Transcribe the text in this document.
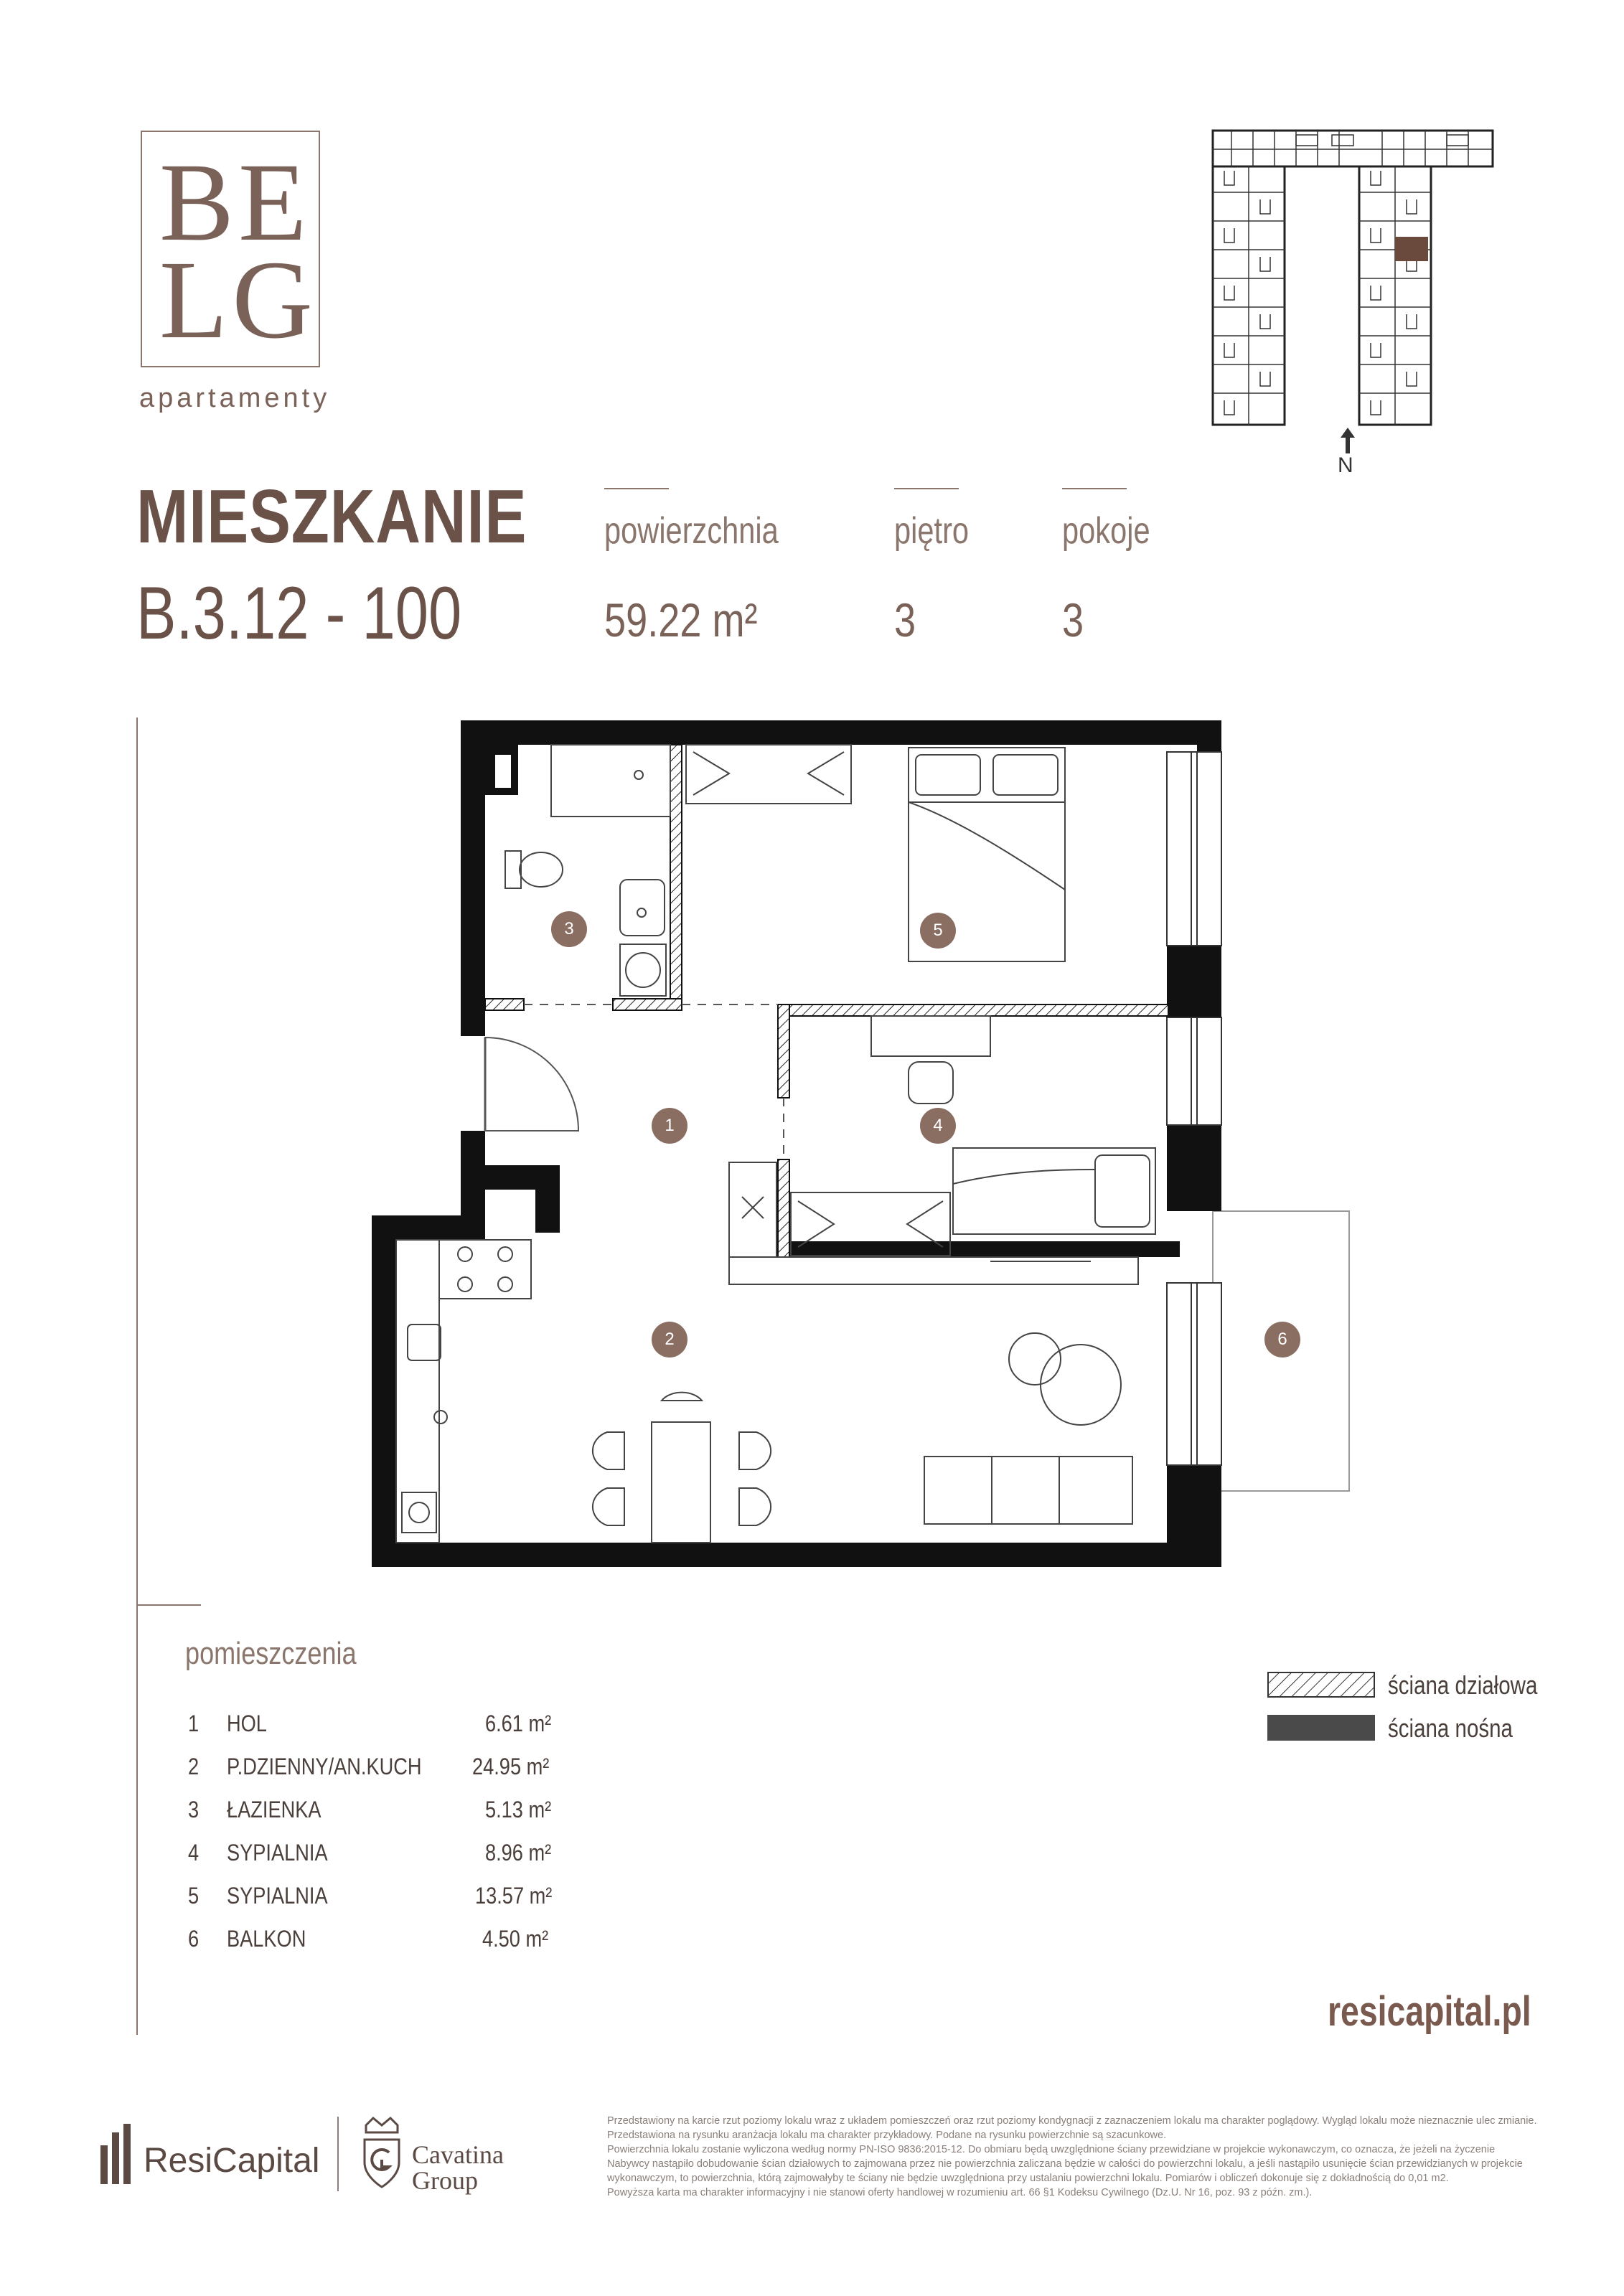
BE
LG
apartamenty
N
MIESZKANIE
B.3.12 - 100
powierzchnia
59.22 m²
piętro
3
pokoje
3
1
2
3
4
5
6
pomieszczenia
1 HOL	6.61 m²
2 P.DZIENNY/AN.KUCH 24.95 m²
3 ŁAZIENKA	5.13 m²
4 SYPIALNIA	8.96 m²
5 SYPIALNIA	13.57 m²
6 BALKON	4.50 m²
ściana działowa
ściana nośna
resicapital.pl
ResiCapital	Cavatina
Group
Przedstawiony na karcie rzut poziomy lokalu wraz z układem pomieszczeń oraz rzut poziomy kondygnacji z zaznaczeniem lokalu ma charakter poglądowy. Wygląd lokalu może nieznacznie ulec zmianie.
Przedstawiona na rysunku aranżacja lokalu ma charakter przykładowy. Podane na rysunku powierzchnie są szacunkowe.
Powierzchnia lokalu zostanie wyliczona według normy PN-ISO 9836:2015-12. Do obmiaru będą uwzględnione ściany przewidziane w projekcie wykonawczym, co oznacza, że jeżeli na życzenie
Nabywcy nastąpiło dobudowanie ścian działowych to zajmowana przez nie powierzchnia zaliczana będzie w całości do powierzchni lokalu, a jeśli nastąpiło usunięcie ścian przewidzianych w projekcie
wykonawczym, to powierzchnia, którą zajmowałyby te ściany nie będzie uwzględniona przy ustalaniu powierzchni lokalu. Pomiarów i obliczeń dokonuje się z dokładnością do 0,01 m2.
Powyższa karta ma charakter informacyjny i nie stanowi oferty handlowej w rozumieniu art. 66 §1 Kodeksu Cywilnego (Dz.U. Nr 16, poz. 93 z późn. zm.).
